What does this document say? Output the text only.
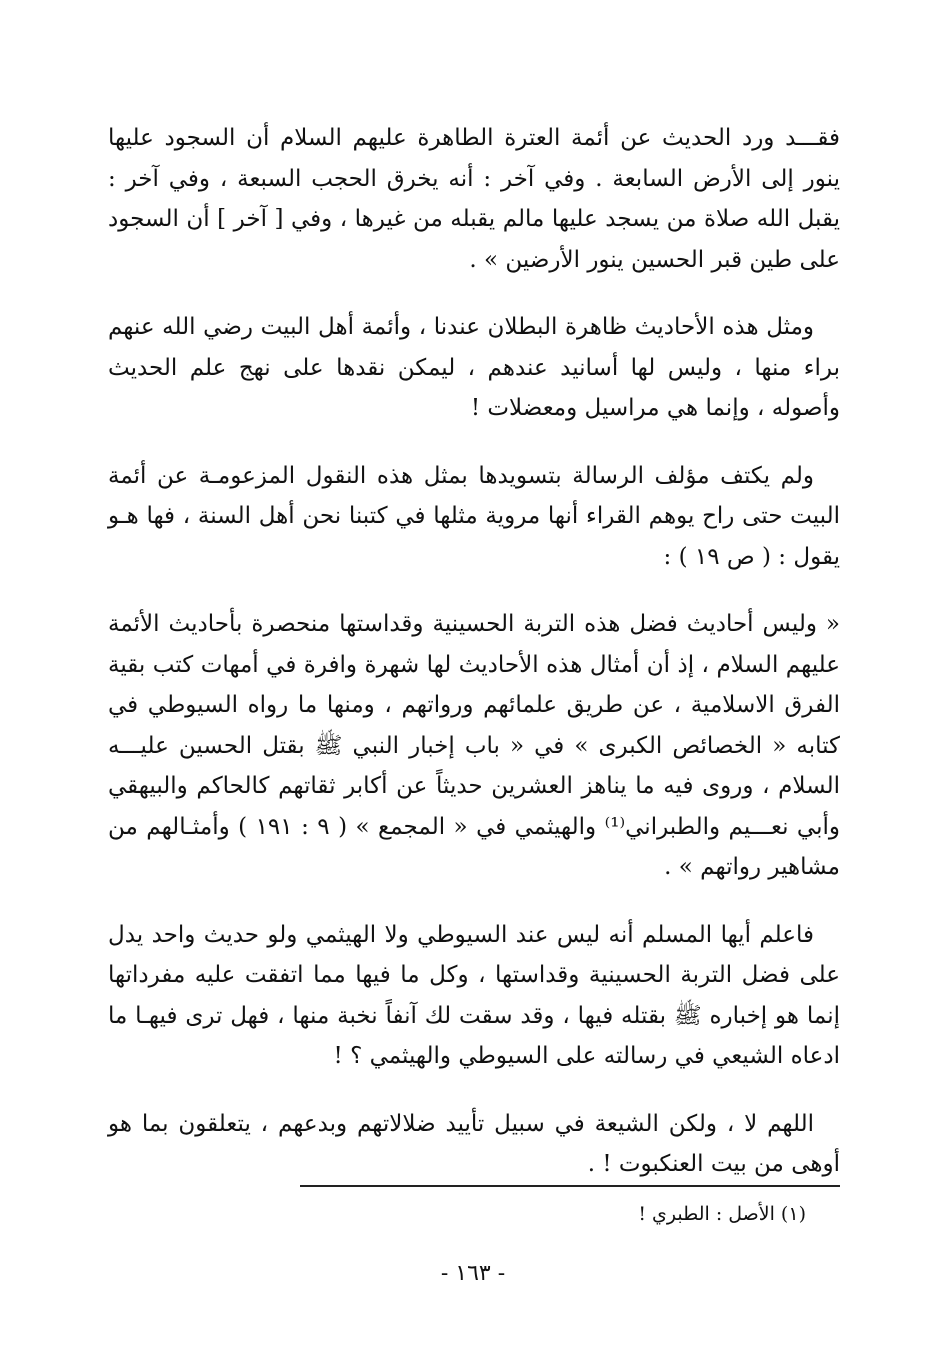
فقـــد ورد الحديث عن أئمة العترة الطاهرة عليهم السلام أن السجود عليها ينور إلى الأرض السابعة . وفي آخر : أنه يخرق الحجب السبعة ، وفي آخر : يقبل الله صلاة من يسجد عليها مالم يقبله من غيرها ، وفي [ آخر ] أن السجود على طين قبر الحسين ينور الأرضين » .

ومثل هذه الأحاديث ظاهرة البطلان عندنا ، وأئمة أهل البيت رضي الله عنهم براء منها ، وليس لها أسانيد عندهم ، ليمكن نقدها على نهج علم الحديث وأصوله ، وإنما هي مراسيل ومعضلات !

ولم يكتف مؤلف الرسالة بتسويدها بمثل هذه النقول المزعومـة عن أئمة البيت حتى راح يوهم القراء أنها مروية مثلها في كتبنا نحن أهل السنة ، فها هـو يقول : ( ص ١٩ ) :

« وليس أحاديث فضل هذه التربة الحسينية وقداستها منحصرة بأحاديث الأئمة عليهم السلام ، إذ أن أمثال هذه الأحاديث لها شهرة وافرة في أمهات كتب بقية الفرق الاسلامية ، عن طريق علمائهم ورواتهم ، ومنها ما رواه السيوطي في كتابه « الخصائص الكبرى » في « باب إخبار النبي ﷺ بقتل الحسين عليـــه السلام ، وروى فيه ما يناهز العشرين حديثاً عن أكابر ثقاتهم كالحاكم والبيهقي وأبي نعـــيم والطبراني⁽¹⁾ والهيثمي في « المجمع » ( ٩ : ١٩١ ) وأمثـالهم من مشاهير رواتهم » .

فاعلم أيها المسلم أنه ليس عند السيوطي ولا الهيثمي ولو حديث واحد يدل على فضل التربة الحسينية وقداستها ، وكل ما فيها مما اتفقت عليه مفرداتها إنما هو إخباره ﷺ بقتله فيها ، وقد سقت لك آنفاً نخبة منها ، فهل ترى فيهـا ما ادعاه الشيعي في رسالته على السيوطي والهيثمي ؟ !

اللهم لا ، ولكن الشيعة في سبيل تأييد ضلالاتهم وبدعهم ، يتعلقون بما هو أوهى من بيت العنكبوت ! .

(١) الأصل : الطبري !
- ١٦٣ -
